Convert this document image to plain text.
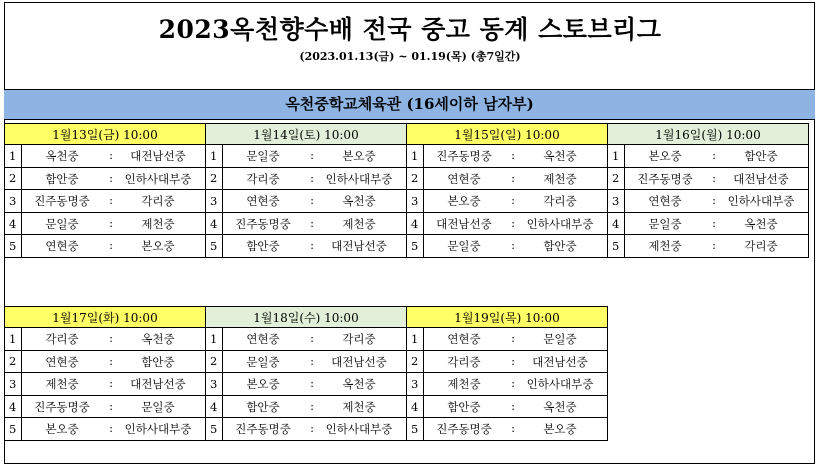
2023옥천향수배 전국 중고 동계 스토브리그
(2023.01.13(금) ~ 01.19(목) (총7일간)
옥천중학교체육관 (16세이하 남자부)
1월13일(금) 10:00	
1	옥천중 : 대전남선중

2	함안중 : 인하사대부중

3	진주동명중 : 각리중

4	문일중 : 제천중

5	연현중 : 본오중
1월14일(토) 10:00	
1	문일중 : 본오중

2	각리중 : 인하사대부중

3	연현중 : 옥천중

4	진주동명중 : 제천중

5	함안중 : 대전남선중
1월15일(일) 10:00	
1	진주동명중 : 옥천중

2	연현중 : 제천중

3	본오중 : 각리중

4	대전남선중 : 인하사대부중

5	문일중 : 함안중
1월16일(월) 10:00	
1	본오중 : 함안중

2	진주동명중 : 대전남선중

3	연현중 : 인하사대부중

4	문일중 : 옥천중

5	제천중 : 각리중
1월17일(화) 10:00	
1	각리중 : 옥천중

2	연현중 : 함안중

3	제천중 : 대전남선중

4	진주동명중 : 문일중

5	본오중 : 인하사대부중
1월18일(수) 10:00	
1	연현중 : 각리중

2	문일중 : 대전남선중

3	본오중 : 옥천중

4	함안중 : 제천중

5	진주동명중 : 인하사대부중
1월19일(목) 10:00	
1	연현중 : 문일중

2	각리중 : 대전남선중

3	제천중 : 인하사대부중

4	함안중 : 옥천중

5	진주동명중 : 본오중
